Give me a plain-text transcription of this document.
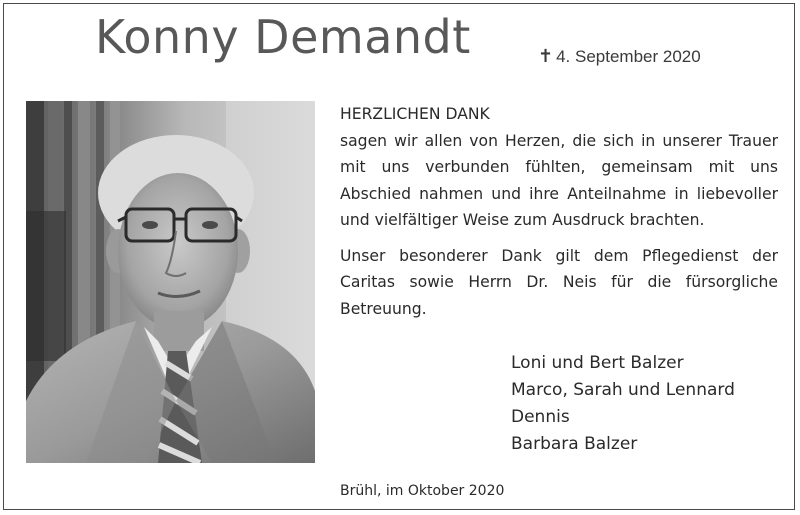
Konny Demandt	✝ 4. September 2020
HERZLICHEN DANK

sagen wir allen von Herzen, die sich in unserer Trauer mit uns verbunden fühlten, gemeinsam mit uns Abschied nahmen und ihre Anteilnahme in liebevoller und vielfältiger Weise zum Ausdruck brachten.

Unser besonderer Dank gilt dem Pflegedienst der Caritas sowie Herrn Dr. Neis für die fürsorgliche Betreuung.

Loni und Bert Balzer
Marco, Sarah und Lennard
Dennis
Barbara Balzer
Brühl, im Oktober 2020
